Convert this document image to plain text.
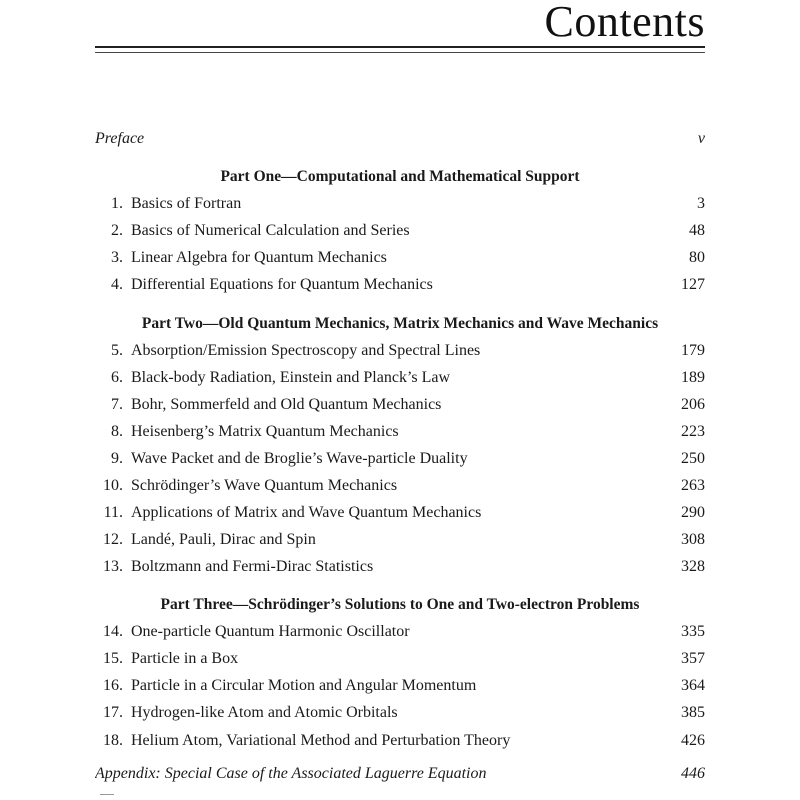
Contents
Preface	v
Part One—Computational and Mathematical Support
1. Basics of Fortran	3
2. Basics of Numerical Calculation and Series	48
3. Linear Algebra for Quantum Mechanics	80
4. Differential Equations for Quantum Mechanics	127
Part Two—Old Quantum Mechanics, Matrix Mechanics and Wave Mechanics
5. Absorption/Emission Spectroscopy and Spectral Lines	179
6. Black-body Radiation, Einstein and Planck’s Law	189
7. Bohr, Sommerfeld and Old Quantum Mechanics	206
8. Heisenberg’s Matrix Quantum Mechanics	223
9. Wave Packet and de Broglie’s Wave-particle Duality	250
10. Schrödinger’s Wave Quantum Mechanics	263
11. Applications of Matrix and Wave Quantum Mechanics	290
12. Landé, Pauli, Dirac and Spin	308
13. Boltzmann and Fermi-Dirac Statistics	328
Part Three—Schrödinger’s Solutions to One and Two-electron Problems
14. One-particle Quantum Harmonic Oscillator	335
15. Particle in a Box	357
16. Particle in a Circular Motion and Angular Momentum	364
17. Hydrogen-like Atom and Atomic Orbitals	385
18. Helium Atom, Variational Method and Perturbation Theory	426
Appendix: Special Case of the Associated Laguerre Equation	446
